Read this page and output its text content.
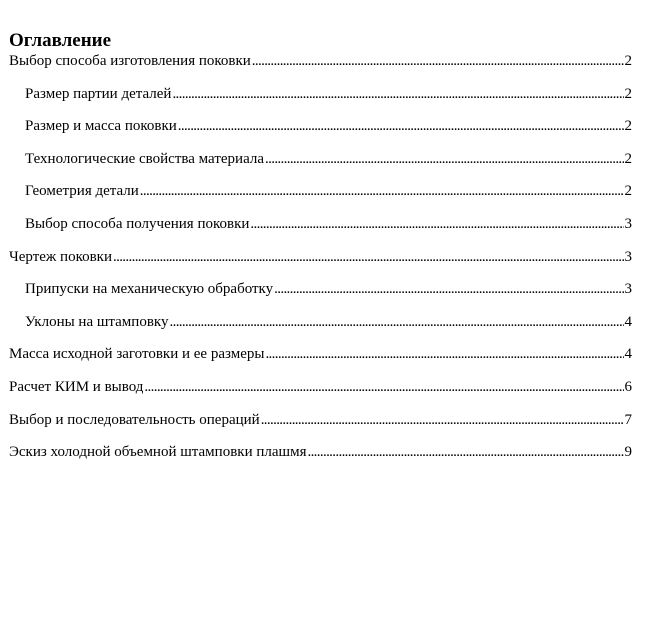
Оглавление
Выбор способа изготовления поковки . . .	2
Размер партии деталей . . .	2
Размер и масса поковки . . .	2
Технологические свойства материала . . .	2
Геометрия детали . . .	2
Выбор способа получения поковки . . .	3
Чертеж поковки . . .	3
Припуски на механическую обработку . . .	3
Уклоны на штамповку . . .	4
Масса исходной заготовки и ее размеры . . .	4
Расчет КИМ и вывод . . .	6
Выбор и последовательность операций . . .	7
Эскиз холодной объемной штамповки плашмя . . .	9
